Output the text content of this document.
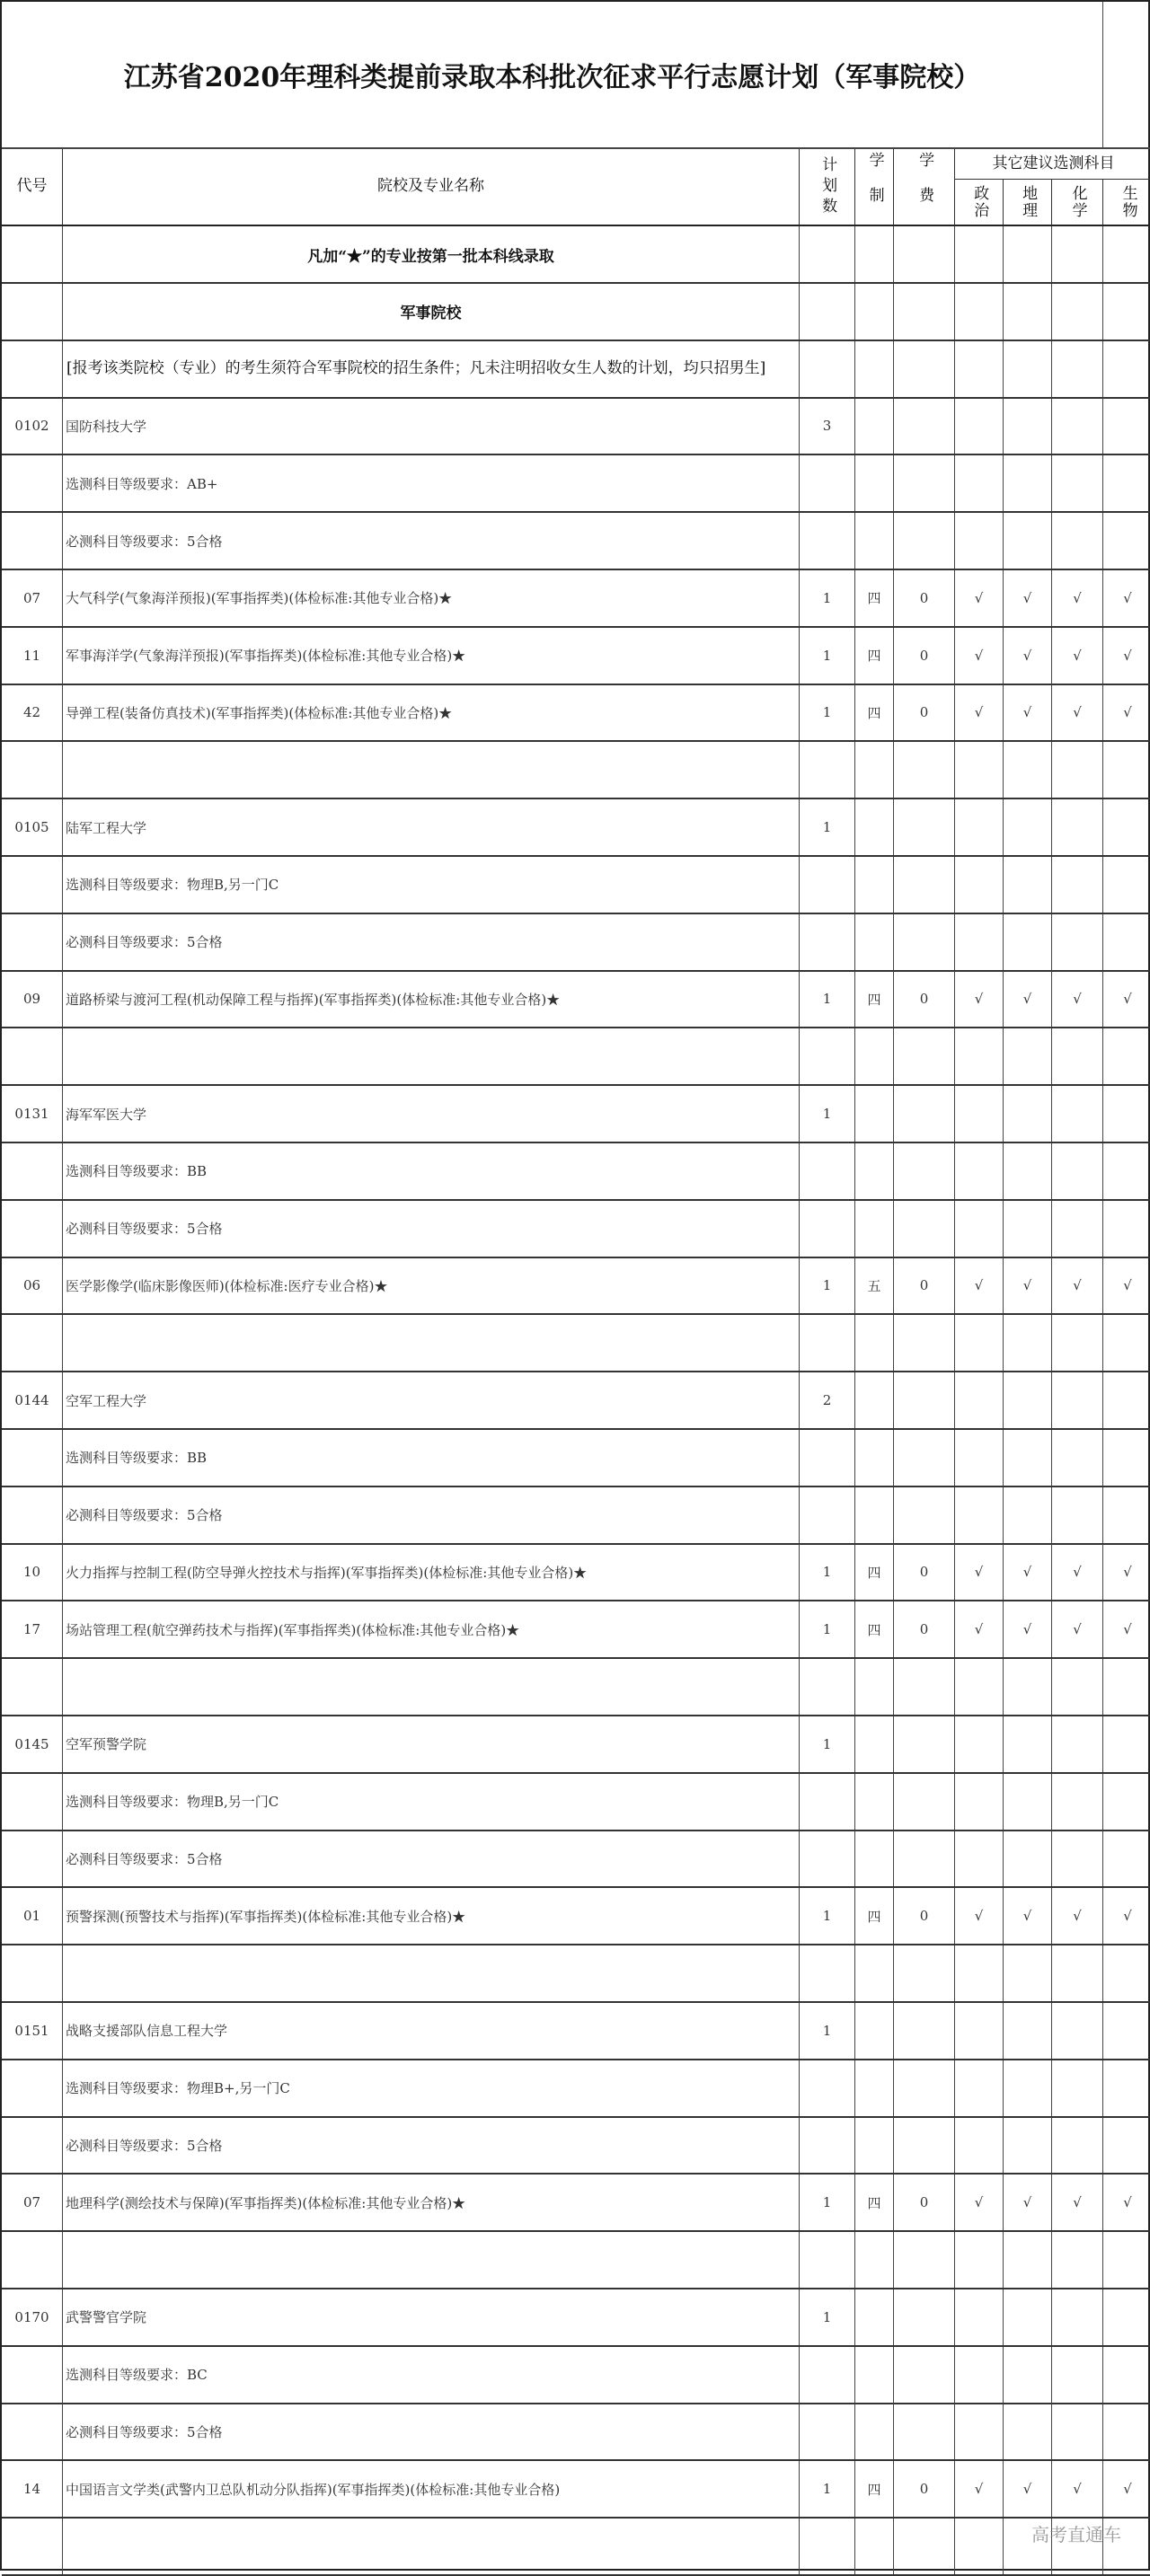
江苏省2020年理科类提前录取本科批次征求平行志愿计划（军事院校）
代号	院校及专业名称	计划数 学制 学费	其它建议选测科目
政治 地理 化学 生物
凡加“★”的专业按第一批本科线录取
军事院校
[报考该类院校（专业）的考生须符合军事院校的招生条件；凡未注明招收女生人数的计划，均只招男生]
0102	国防科技大学	3
选测科目等级要求：AB+
必测科目等级要求：5合格
07	大气科学(气象海洋预报)(军事指挥类)(体检标准:其他专业合格)★	1	四	0	√	√	√	√
11	军事海洋学(气象海洋预报)(军事指挥类)(体检标准:其他专业合格)★	1	四	0	√	√	√	√
42	导弹工程(装备仿真技术)(军事指挥类)(体检标准:其他专业合格)★	1	四	0	√	√	√	√
0105	陆军工程大学	1
选测科目等级要求：物理B,另一门C
必测科目等级要求：5合格
09	道路桥梁与渡河工程(机动保障工程与指挥)(军事指挥类)(体检标准:其他专业合格)★	1	四	0	√	√	√	√
0131	海军军医大学	1
选测科目等级要求：BB
必测科目等级要求：5合格
06	医学影像学(临床影像医师)(体检标准:医疗专业合格)★	1	五	0	√	√	√	√
0144	空军工程大学	2
选测科目等级要求：BB
必测科目等级要求：5合格
10	火力指挥与控制工程(防空导弹火控技术与指挥)(军事指挥类)(体检标准:其他专业合格)★	1	四	0	√	√	√	√
17	场站管理工程(航空弹药技术与指挥)(军事指挥类)(体检标准:其他专业合格)★	1	四	0	√	√	√	√
0145	空军预警学院	1
选测科目等级要求：物理B,另一门C
必测科目等级要求：5合格
01	预警探测(预警技术与指挥)(军事指挥类)(体检标准:其他专业合格)★	1	四	0	√	√	√	√
0151	战略支援部队信息工程大学	1
选测科目等级要求：物理B+,另一门C
必测科目等级要求：5合格
07	地理科学(测绘技术与保障)(军事指挥类)(体检标准:其他专业合格)★	1	四	0	√	√	√	√
0170	武警警官学院	1
选测科目等级要求：BC
必测科目等级要求：5合格
14	中国语言文学类(武警内卫总队机动分队指挥)(军事指挥类)(体检标准:其他专业合格)	1	四	0	√	√	√	√
高考直通车
